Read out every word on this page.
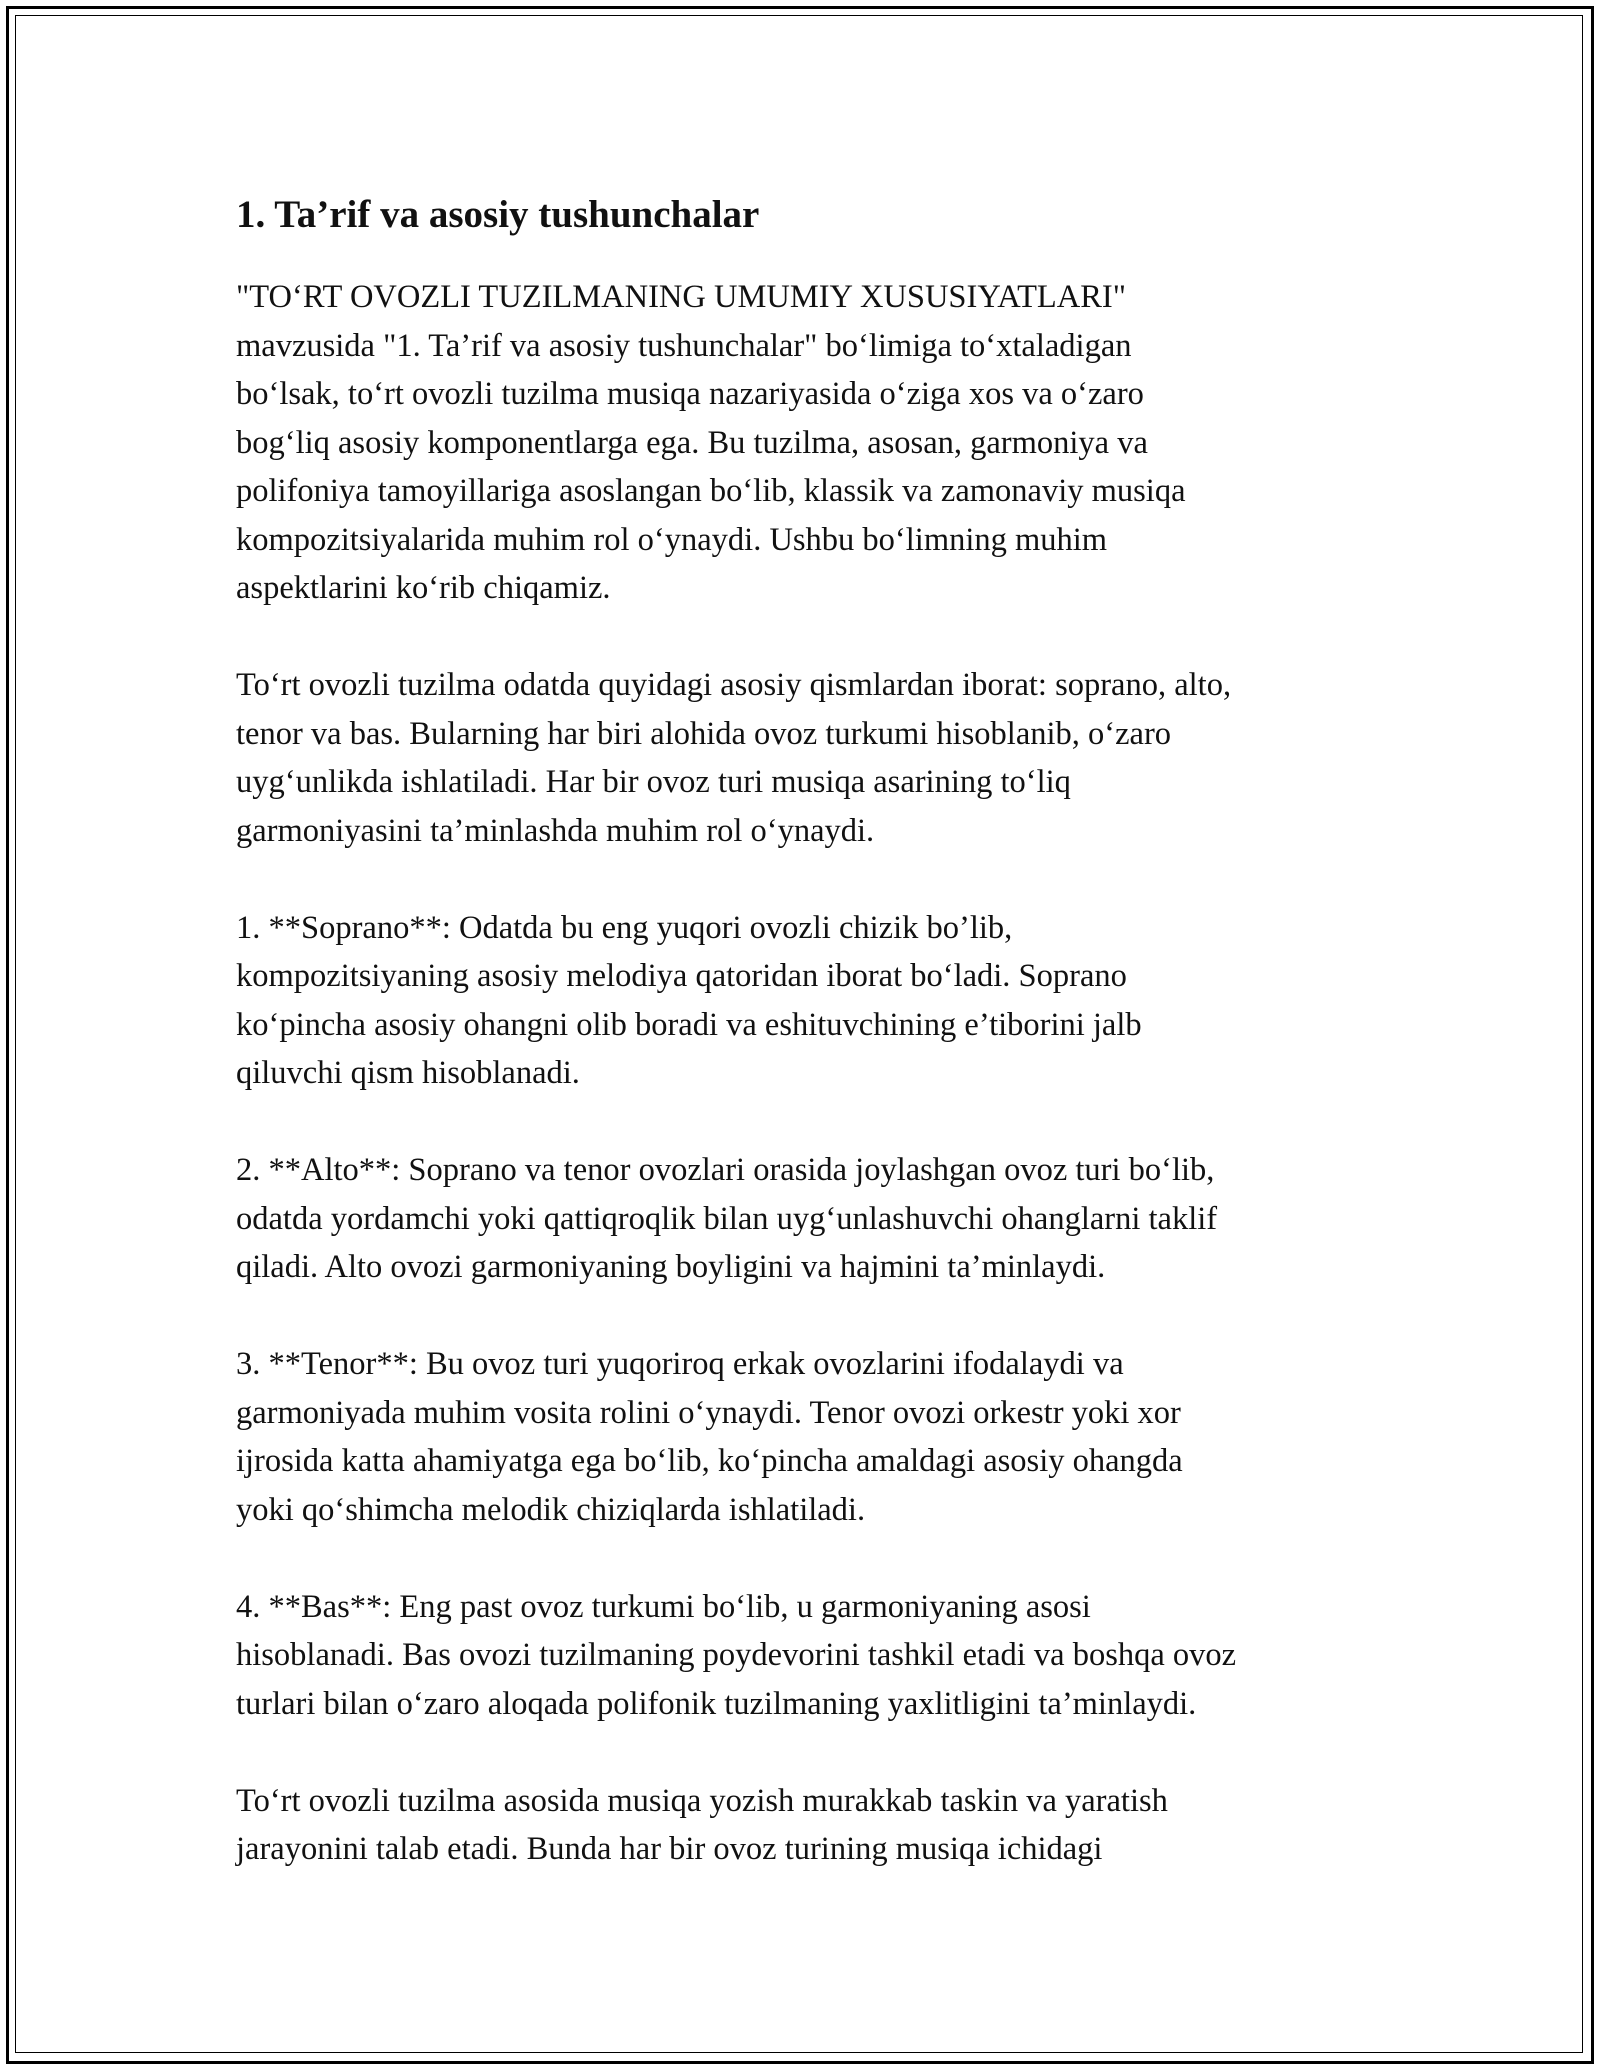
1. Ta’rif va asosiy tushunchalar

"TO‘RT OVOZLI TUZILMANING UMUMIY XUSUSIYATLARI"
mavzusida "1. Ta’rif va asosiy tushunchalar" bo‘limiga to‘xtaladigan
bo‘lsak, to‘rt ovozli tuzilma musiqa nazariyasida o‘ziga xos va o‘zaro
bog‘liq asosiy komponentlarga ega. Bu tuzilma, asosan, garmoniya va
polifoniya tamoyillariga asoslangan bo‘lib, klassik va zamonaviy musiqa
kompozitsiyalarida muhim rol o‘ynaydi. Ushbu bo‘limning muhim
aspektlarini ko‘rib chiqamiz.

To‘rt ovozli tuzilma odatda quyidagi asosiy qismlardan iborat: soprano, alto,
tenor va bas. Bularning har biri alohida ovoz turkumi hisoblanib, o‘zaro
uyg‘unlikda ishlatiladi. Har bir ovoz turi musiqa asarining to‘liq
garmoniyasini ta’minlashda muhim rol o‘ynaydi.

1. **Soprano**: Odatda bu eng yuqori ovozli chizik bo’lib,
kompozitsiyaning asosiy melodiya qatoridan iborat bo‘ladi. Soprano
ko‘pincha asosiy ohangni olib boradi va eshituvchining e’tiborini jalb
qiluvchi qism hisoblanadi.

2. **Alto**: Soprano va tenor ovozlari orasida joylashgan ovoz turi bo‘lib,
odatda yordamchi yoki qattiqroqlik bilan uyg‘unlashuvchi ohanglarni taklif
qiladi. Alto ovozi garmoniyaning boyligini va hajmini ta’minlaydi.

3. **Tenor**: Bu ovoz turi yuqoriroq erkak ovozlarini ifodalaydi va
garmoniyada muhim vosita rolini o‘ynaydi. Tenor ovozi orkestr yoki xor
ijrosida katta ahamiyatga ega bo‘lib, ko‘pincha amaldagi asosiy ohangda
yoki qo‘shimcha melodik chiziqlarda ishlatiladi.

4. **Bas**: Eng past ovoz turkumi bo‘lib, u garmoniyaning asosi
hisoblanadi. Bas ovozi tuzilmaning poydevorini tashkil etadi va boshqa ovoz
turlari bilan o‘zaro aloqada polifonik tuzilmaning yaxlitligini ta’minlaydi.

To‘rt ovozli tuzilma asosida musiqa yozish murakkab taskin va yaratish
jarayonini talab etadi. Bunda har bir ovoz turining musiqa ichidagi
